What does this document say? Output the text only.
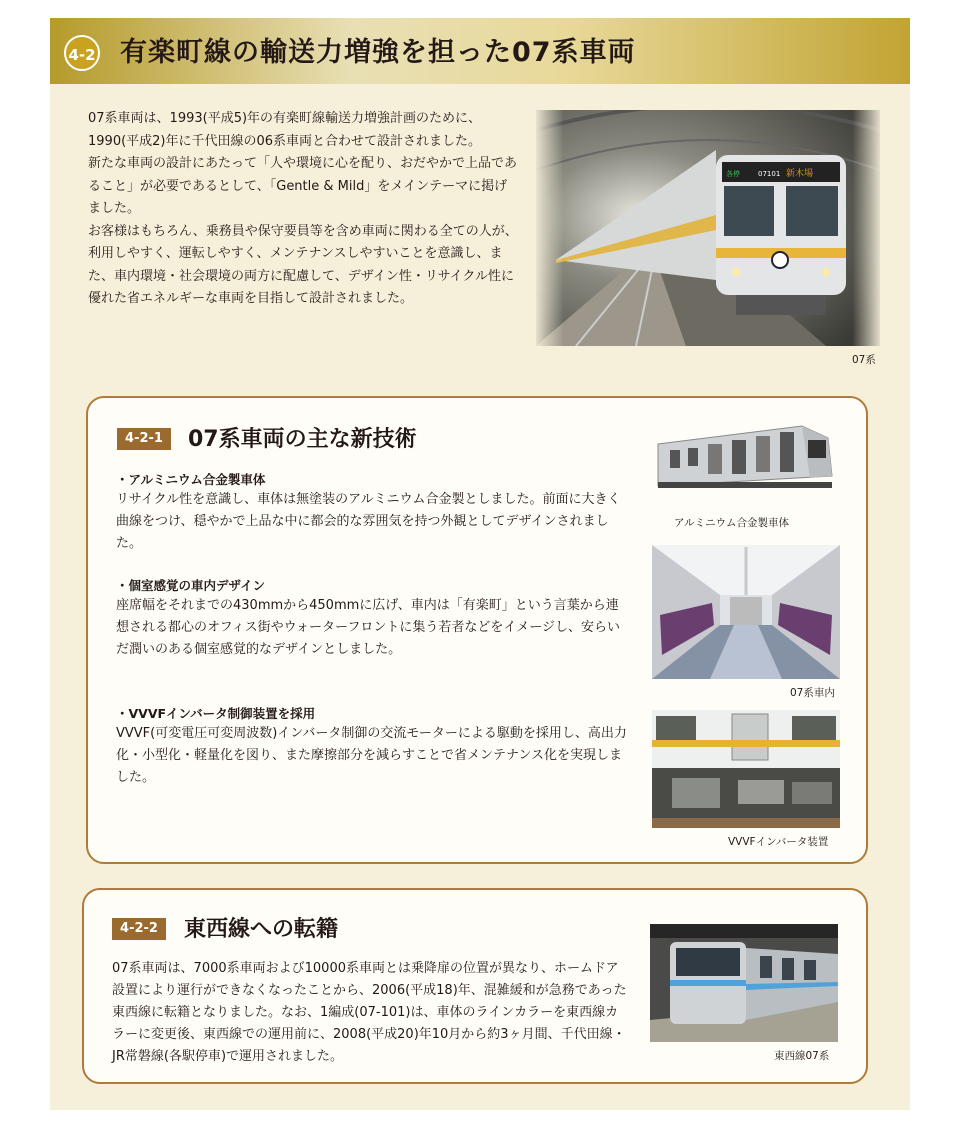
4-2 有楽町線の輸送力増強を担った07系車両

07系車両は、1993(平成5)年の有楽町線輸送力増強計画のために、1990(平成2)年に千代田線の06系車両と合わせて設計されました。

新たな車両の設計にあたって「人や環境に心を配り、おだやかで上品であること」が必要であるとして、「Gentle & Mild」をメインテーマに掲げました。

お客様はもちろん、乗務員や保守要員等を含め車両に関わる全ての人が、利用しやすく、運転しやすく、メンテナンスしやすいことを意識し、また、車内環境・社会環境の両方に配慮して、デザイン性・リサイクル性に優れた省エネルギーな車両を目指して設計されました。

07系
4-2-1	07系車両の主な新技術
・アルミニウム合金製車体
リサイクル性を意識し、車体は無塗装のアルミニウム合金製としました。前面に大きく曲線をつけ、穏やかで上品な中に都会的な雰囲気を持つ外観としてデザインされました。
・個室感覚の車内デザイン
座席幅をそれまでの430mmから450mmに広げ、車内は「有楽町」という言葉から連想される都心のオフィス街やウォーターフロントに集う若者などをイメージし、安らいだ潤いのある個室感覚的なデザインとしました。
・VVVFインバータ制御装置を採用
VVVF(可変電圧可変周波数)インバータ制御の交流モーターによる駆動を採用し、高出力化・小型化・軽量化を図り、また摩擦部分を減らすことで省メンテナンス化を実現しました。
アルミニウム合金製車体
07系車内
VVVFインバータ装置
4-2-2	東西線への転籍
07系車両は、7000系車両および10000系車両とは乗降扉の位置が異なり、ホームドア設置により運行ができなくなったことから、2006(平成18)年、混雑緩和が急務であった東西線に転籍となりました。なお、1編成(07-101)は、車体のラインカラーを東西線カラーに変更後、東西線での運用前に、2008(平成20)年10月から約3ヶ月間、千代田線・JR常磐線(各駅停車)で運用されました。	東西線07系
